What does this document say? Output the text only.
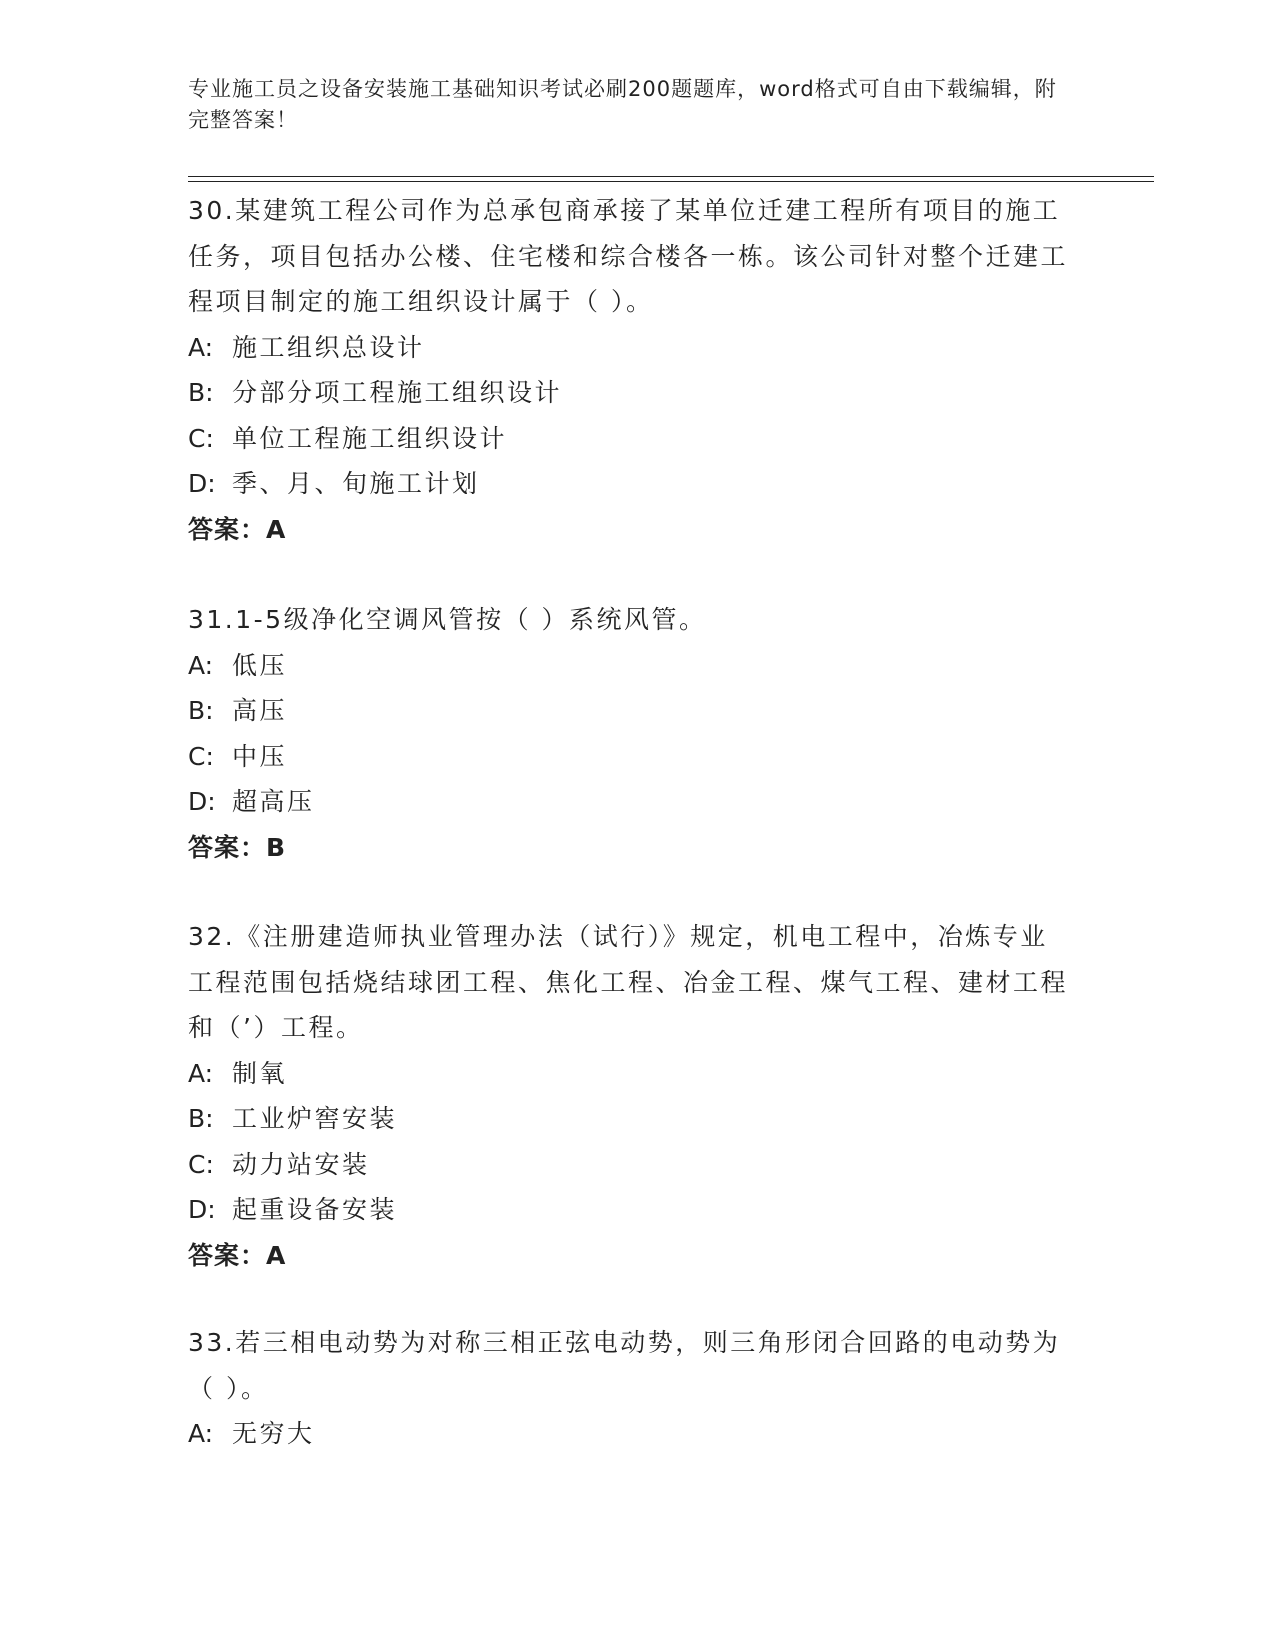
专业施工员之设备安装施工基础知识考试必刷200题题库，word格式可自由下载编辑，附完整答案！

30.某建筑工程公司作为总承包商承接了某单位迁建工程所有项目的施工任务，项目包括办公楼、住宅楼和综合楼各一栋。该公司针对整个迁建工程项目制定的施工组织设计属于（ ）。

A: 施工组织总设计

B: 分部分项工程施工组织设计

C: 单位工程施工组织设计

D: 季、月、旬施工计划

答案：A

31.1-5级净化空调风管按（ ）系统风管。

A: 低压

B: 高压

C: 中压

D: 超高压

答案：B

32.《注册建造师执业管理办法（试行）》规定，机电工程中，冶炼专业工程范围包括烧结球团工程、焦化工程、冶金工程、煤气工程、建材工程和（’）工程。

A: 制氧

B: 工业炉窖安装

C: 动力站安装

D: 起重设备安装

答案：A

33.若三相电动势为对称三相正弦电动势，则三角形闭合回路的电动势为（ ）。

A: 无穷大
